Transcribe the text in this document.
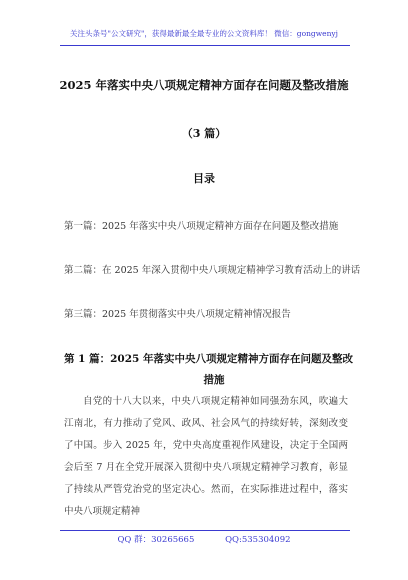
关注头条号"公文研究"，获得最新最全最专业的公文资料库！ 微信：gongwenyj
2025 年落实中央八项规定精神方面存在问题及整改措施
（3 篇）
目录
第一篇：2025 年落实中央八项规定精神方面存在问题及整改措施
第二篇：在 2025 年深入贯彻中央八项规定精神学习教育活动上的讲话
第三篇：2025 年贯彻落实中央八项规定精神情况报告
第 1 篇：2025 年落实中央八项规定精神方面存在问题及整改
措施
自党的十八大以来，中央八项规定精神如同强劲东风，吹遍大江南北，有力推动了党风、政风、社会风气的持续好转，深刻改变了中国。步入 2025 年，党中央高度重视作风建设，决定于全国两会后至 7 月在全党开展深入贯彻中央八项规定精神学习教育，彰显了持续从严管党治党的坚定决心。然而，在实际推进过程中，落实中央八项规定精神
QQ 群：30265665	QQ:535304092
